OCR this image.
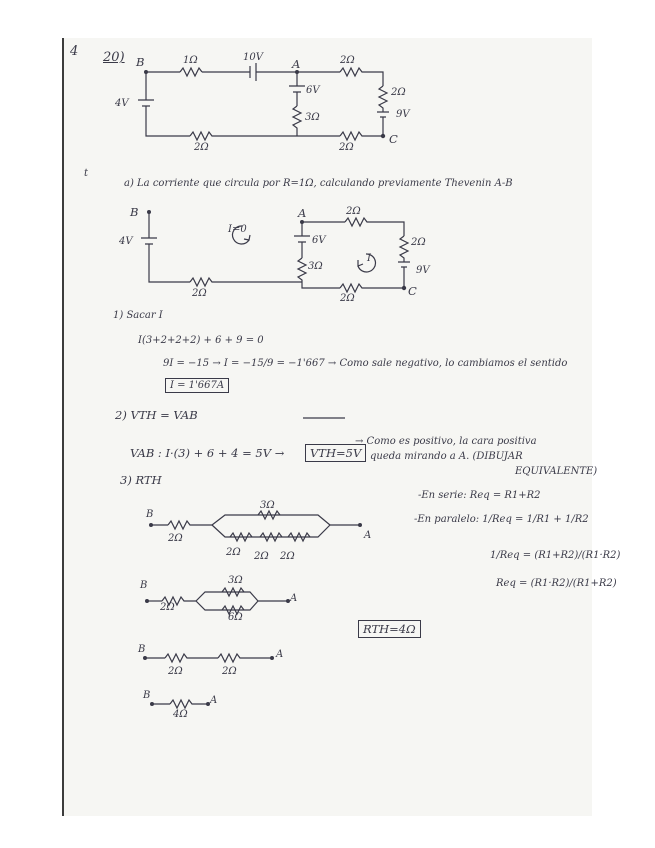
4 20) B	1Ω	10V	A	2Ω
4V
6V
3Ω
2Ω
9V
C
2Ω	2Ω
t
a) La corriente que circula por R=1Ω, calculando previamente Thevenin A-B
B
4V
I=0
A	2Ω
6V
3Ω
I
2Ω
9V
C
2Ω	2Ω
1) Sacar I
I(3+2+2+2) + 6 + 9 = 0
9I = −15 → I = −15/9 = −1'667 → Como sale negativo, lo cambiamos el sentido
I = 1'667A
2) VTH = VAB
VAB : I·(3) + 6 + 4 = 5V →	VTH=5V
→ Como es positivo, la cara positiva
queda mirando a A. (DIBUJAR
EQUIVALENTE)
3) RTH
-En serie: Req = R1+R2
-En paralelo: 1/Req = 1/R1 + 1/R2
1/Req = (R1+R2)/(R1·R2)
Req = (R1·R2)/(R1+R2)
RTH=4Ω
B
2Ω
3Ω
2Ω 2Ω 2Ω
A
B
2Ω
3Ω
6Ω
A
B
2Ω	2Ω
A
B
4Ω
A
